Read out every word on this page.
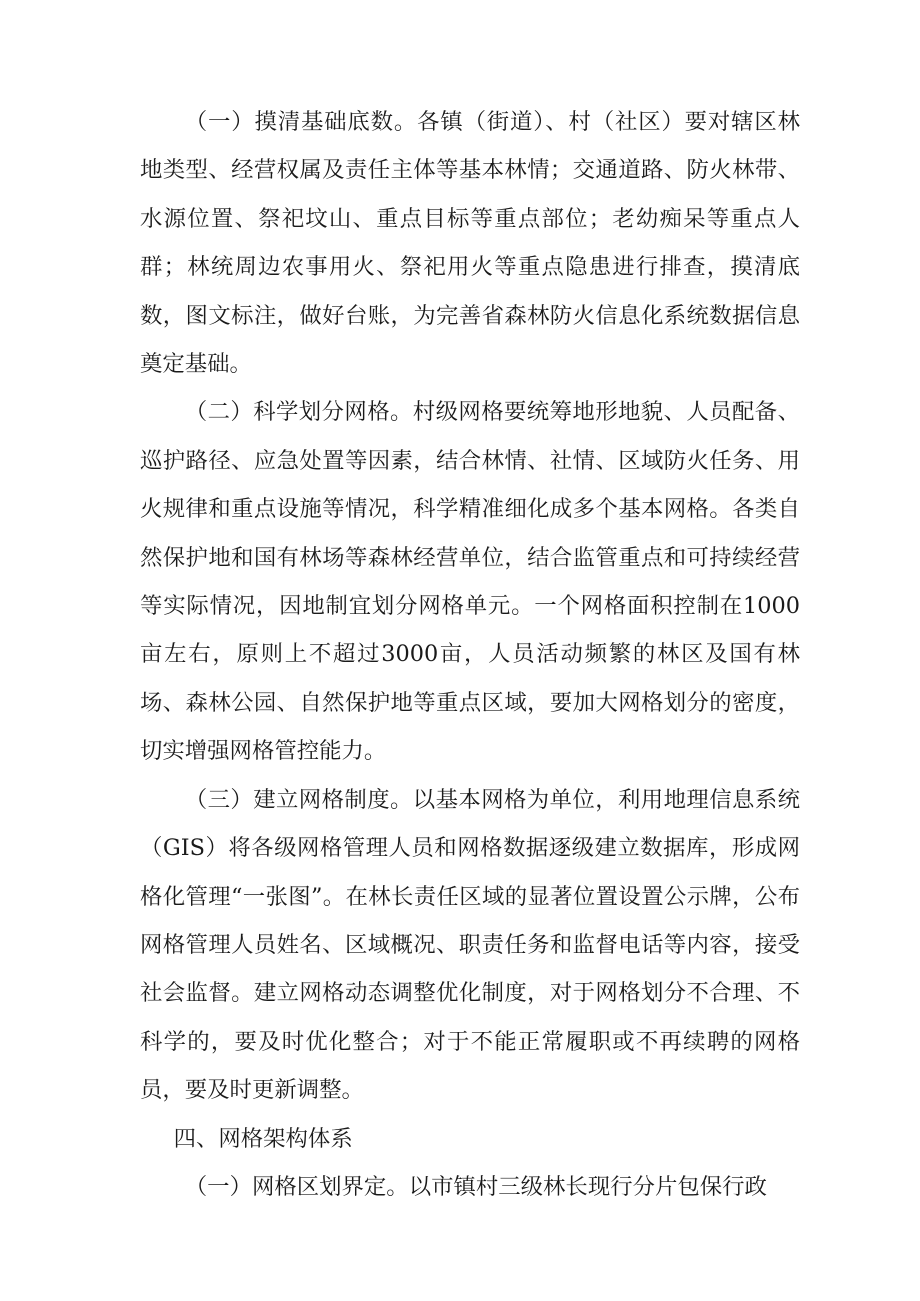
（一）摸清基础底数。各镇（街道）、村（社区）要对辖区林地类型、经营权属及责任主体等基本林情；交通道路、防火林带、水源位置、祭祀坟山、重点目标等重点部位；老幼痴呆等重点人群；林统周边农事用火、祭祀用火等重点隐患进行排查，摸清底数，图文标注，做好台账，为完善省森林防火信息化系统数据信息奠定基础。

（二）科学划分网格。村级网格要统筹地形地貌、人员配备、巡护路径、应急处置等因素，结合林情、社情、区域防火任务、用火规律和重点设施等情况，科学精准细化成多个基本网格。各类自然保护地和国有林场等森林经营单位，结合监管重点和可持续经营等实际情况，因地制宜划分网格单元。一个网格面积控制在1000亩左右，原则上不超过3000亩，人员活动频繁的林区及国有林场、森林公园、自然保护地等重点区域，要加大网格划分的密度，切实增强网格管控能力。

（三）建立网格制度。以基本网格为单位，利用地理信息系统（GIS）将各级网格管理人员和网格数据逐级建立数据库，形成网格化管理“一张图”。在林长责任区域的显著位置设置公示牌，公布网格管理人员姓名、区域概况、职责任务和监督电话等内容，接受社会监督。建立网格动态调整优化制度，对于网格划分不合理、不科学的，要及时优化整合；对于不能正常履职或不再续聘的网格员，要及时更新调整。

四、网格架构体系

（一）网格区划界定。以市镇村三级林长现行分片包保行政
